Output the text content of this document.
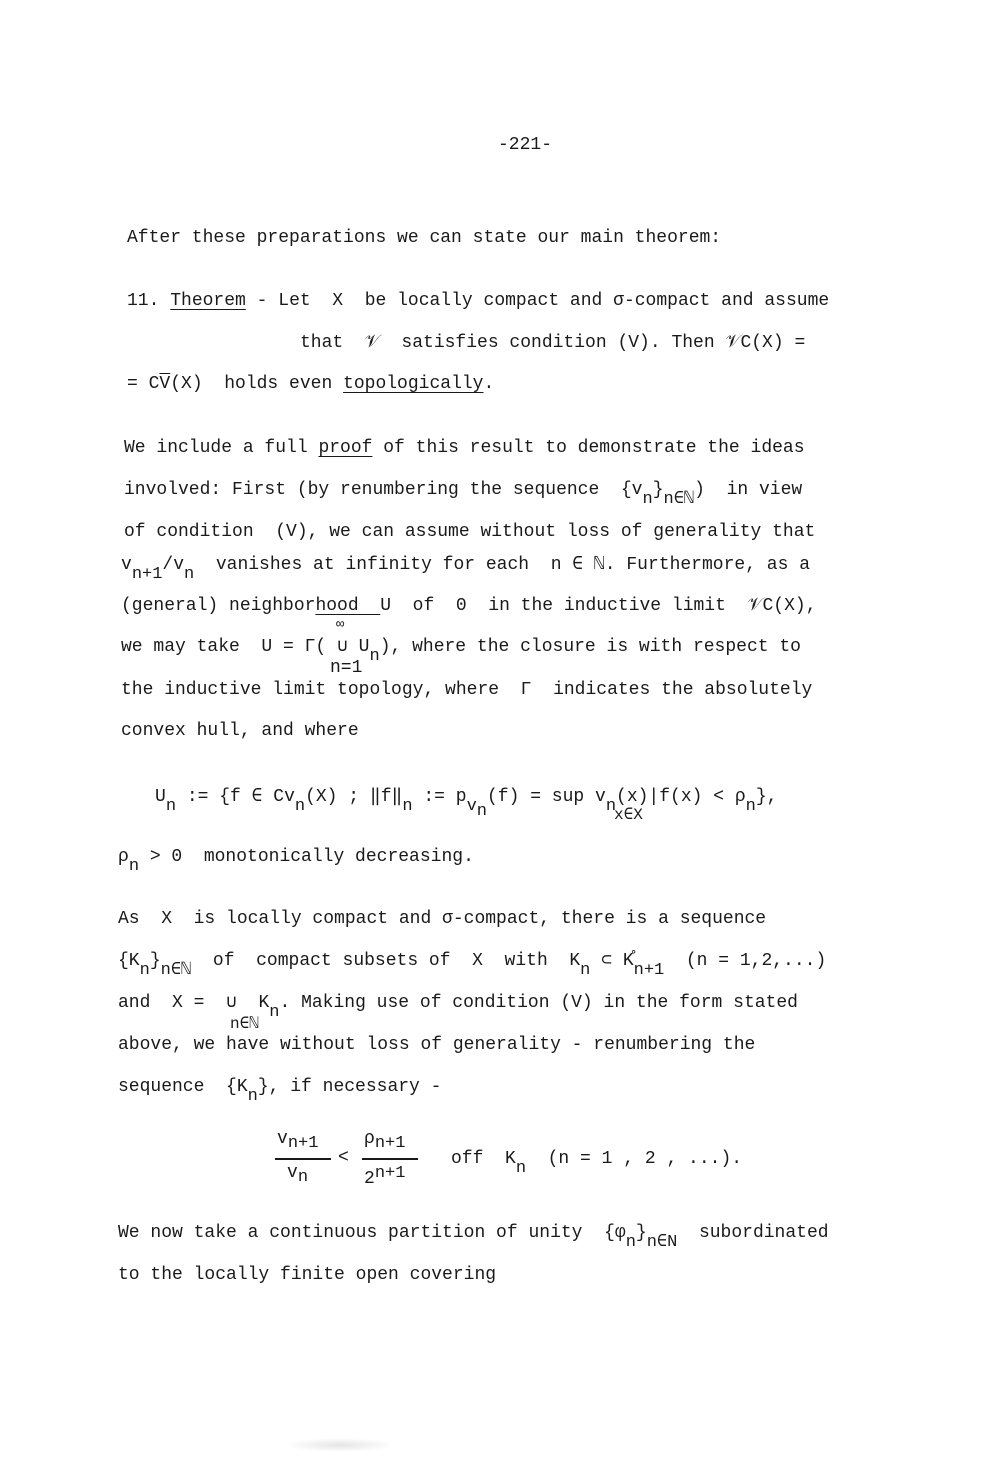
-221-
After these preparations we can state our main theorem:
11. Theorem - Let  X  be locally compact and σ-compact and assume
that  𝒱  satisfies condition (V). Then 𝒱C(X) =
= $C\overline{V}(X)$  holds even topologically.
We include a full proof of this result to demonstrate the ideas
involved: First (by renumbering the sequence  {vn}n∈ℕ)  in view
of condition  (V), we can assume without loss of generality that
vn+1/vn  vanishes at infinity for each  n ∈ ℕ. Furthermore, as a
(general) neighborhood  U  of  0  in the inductive limit  𝒱C(X),
∞
we may take  U = Γ( ∪ Un), where the closure is with respect to
n=1
the inductive limit topology, where  Γ  indicates the absolutely
convex hull, and where
Un := {f ∈ Cvn(X) ; ‖f‖n := pvn(f) = sup vn(x)|f(x) < ρn},
x∈X
ρn > 0  monotonically decreasing.
As  X  is locally compact and σ-compact, there is a sequence
{Kn}n∈ℕ  of  compact subsets of  X  with  Kn ⊂ K̊n+1  (n = 1,2,...)
and  X =  ∪  Kn. Making use of condition (V) in the form stated
n∈ℕ
above, we have without loss of generality - renumbering the
sequence  {Kn}, if necessary -
vn+1
vn
<
ρn+1
2n+1
off  Kn  (n = 1 , 2 , ...).
We now take a continuous partition of unity  {φn}n∈N  subordinated
to the locally finite open covering
